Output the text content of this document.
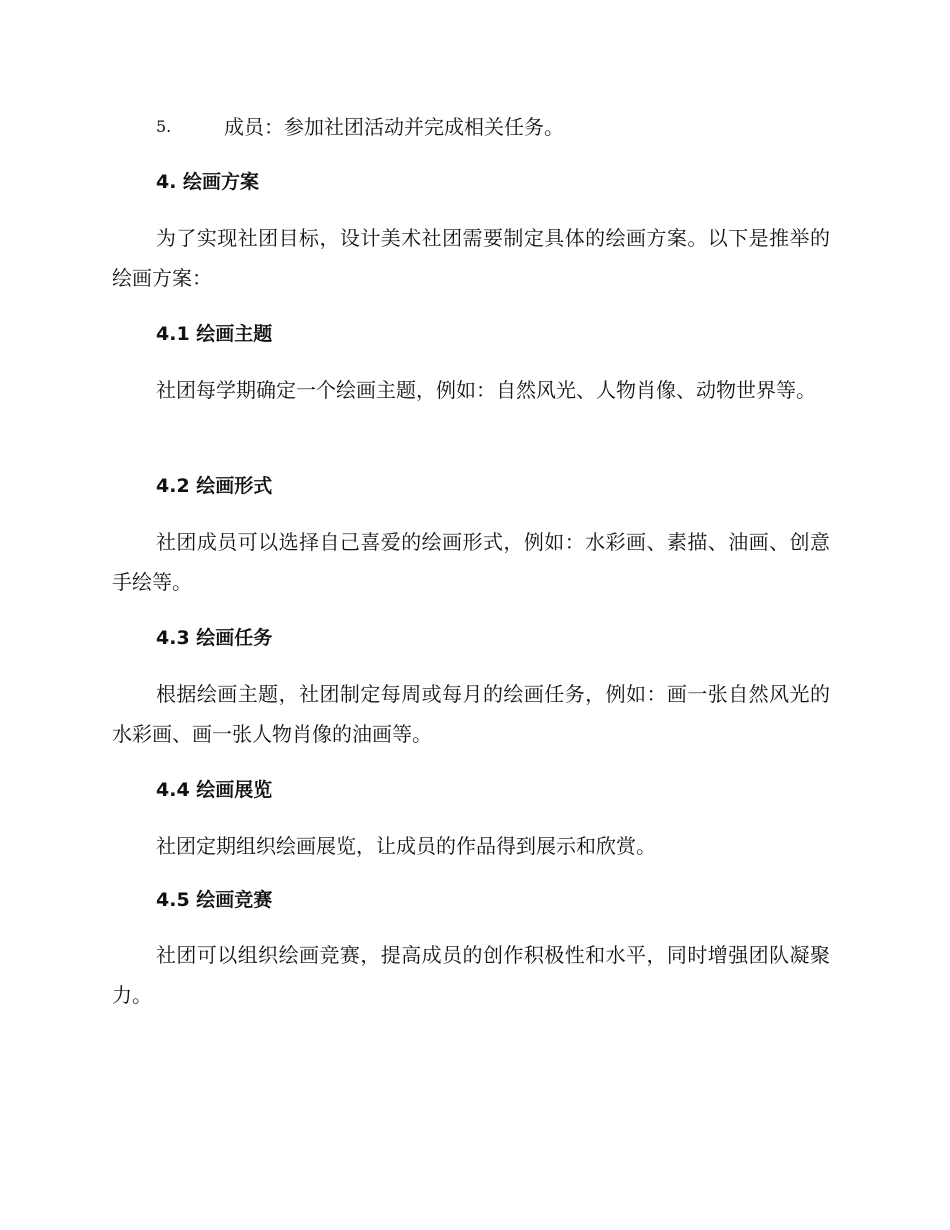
5.	成员：参加社团活动并完成相关任务。
4. 绘画方案

为了实现社团目标，设计美术社团需要制定具体的绘画方案。以下是推举的绘画方案：

4.1 绘画主题

社团每学期确定一个绘画主题，例如：自然风光、人物肖像、动物世界等。

4.2 绘画形式

社团成员可以选择自己喜爱的绘画形式，例如：水彩画、素描、油画、创意手绘等。

4.3 绘画任务

根据绘画主题，社团制定每周或每月的绘画任务，例如：画一张自然风光的水彩画、画一张人物肖像的油画等。

4.4 绘画展览

社团定期组织绘画展览，让成员的作品得到展示和欣赏。

4.5 绘画竞赛

社团可以组织绘画竞赛，提高成员的创作积极性和水平，同时增强团队凝聚力。
